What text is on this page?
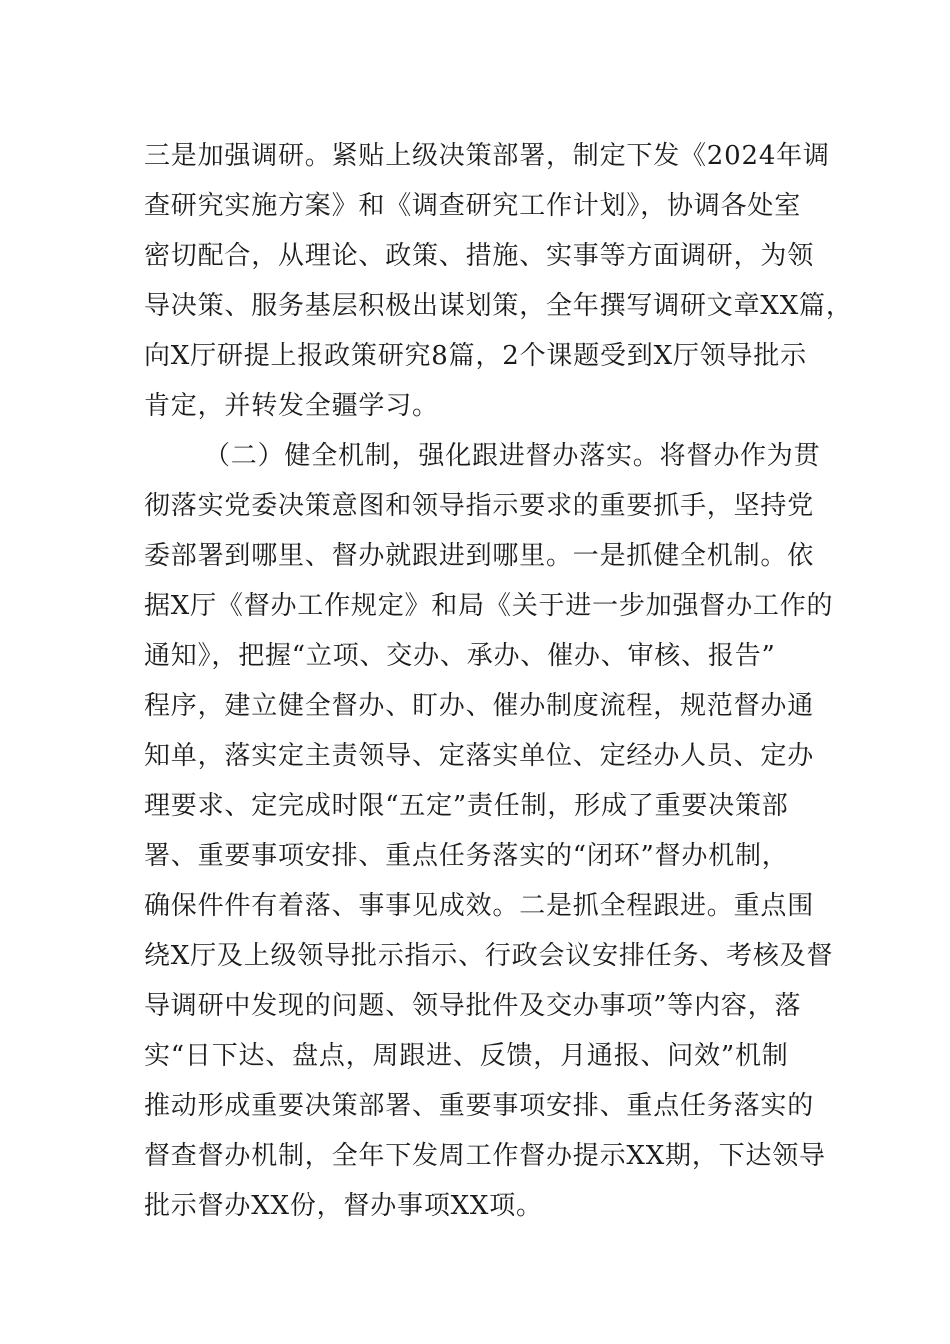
三是加强调研。紧贴上级决策部署，制定下发《2024年调
查研究实施方案》和《调查研究工作计划》，协调各处室
密切配合，从理论、政策、措施、实事等方面调研，为领
导决策、服务基层积极出谋划策，全年撰写调研文章XX篇，
向X厅研提上报政策研究8篇，2个课题受到X厅领导批示
肯定，并转发全疆学习。
（二）健全机制，强化跟进督办落实。将督办作为贯
彻落实党委决策意图和领导指示要求的重要抓手，坚持党
委部署到哪里、督办就跟进到哪里。一是抓健全机制。依
据X厅《督办工作规定》和局《关于进一步加强督办工作的
通知》，把握“立项、交办、承办、催办、审核、报告”
程序，建立健全督办、盯办、催办制度流程，规范督办通
知单，落实定主责领导、定落实单位、定经办人员、定办
理要求、定完成时限“五定”责任制，形成了重要决策部
署、重要事项安排、重点任务落实的“闭环”督办机制，
确保件件有着落、事事见成效。二是抓全程跟进。重点围
绕X厅及上级领导批示指示、行政会议安排任务、考核及督
导调研中发现的问题、领导批件及交办事项”等内容，落
实“日下达、盘点，周跟进、反馈，月通报、问效”机制
推动形成重要决策部署、重要事项安排、重点任务落实的
督查督办机制，全年下发周工作督办提示XX期，下达领导
批示督办XX份，督办事项XX项。
